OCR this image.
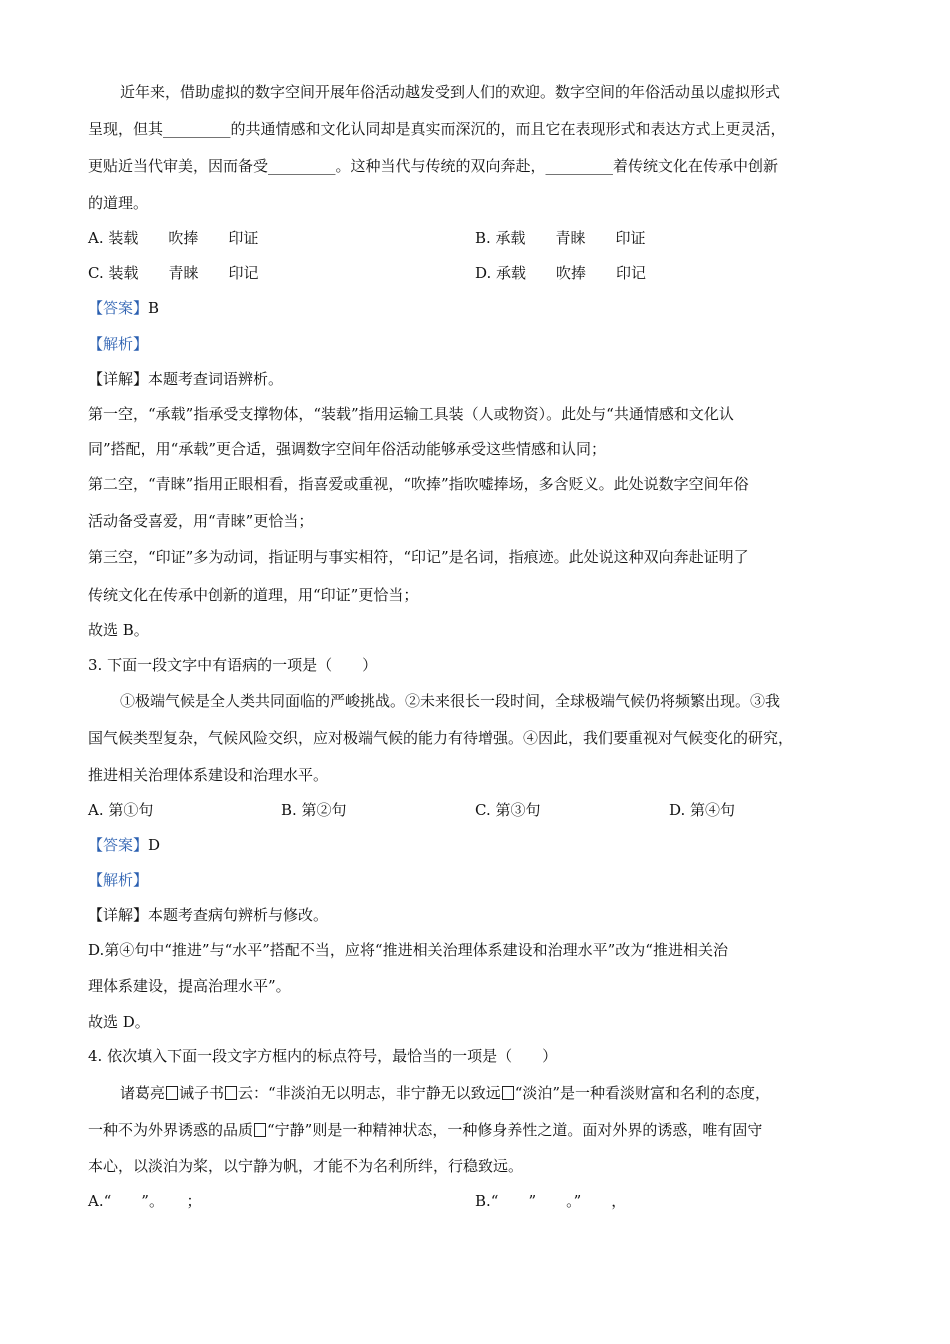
近年来，借助虚拟的数字空间开展年俗活动越发受到人们的欢迎。数字空间的年俗活动虽以虚拟形式
呈现，但其_________的共通情感和文化认同却是真实而深沉的，而且它在表现形式和表达方式上更灵活，
更贴近当代审美，因而备受_________。这种当代与传统的双向奔赴，_________着传统文化在传承中创新
的道理。
A. 装载　　吹捧　　印证	B. 承载　　青睐　　印证
C. 装载　　青睐　　印记	D. 承载　　吹捧　　印记
【答案】B
【解析】
【详解】本题考查词语辨析。
第一空，“承载”指承受支撑物体，“装载”指用运输工具装（人或物资）。此处与“共通情感和文化认
同”搭配，用“承载”更合适，强调数字空间年俗活动能够承受这些情感和认同；
第二空，“青睐”指用正眼相看，指喜爱或重视，“吹捧”指吹嘘捧场，多含贬义。此处说数字空间年俗
活动备受喜爱，用“青睐”更恰当；
第三空，“印证”多为动词，指证明与事实相符，“印记”是名词，指痕迹。此处说这种双向奔赴证明了
传统文化在传承中创新的道理，用“印证”更恰当；
故选 B。
3. 下面一段文字中有语病的一项是（　　）
①极端气候是全人类共同面临的严峻挑战。②未来很长一段时间，全球极端气候仍将频繁出现。③我
国气候类型复杂，气候风险交织，应对极端气候的能力有待增强。④因此，我们要重视对气候变化的研究，
推进相关治理体系建设和治理水平。
A. 第①句	B. 第②句	C. 第③句	D. 第④句
【答案】D
【解析】
【详解】本题考查病句辨析与修改。
D.第④句中“推进”与“水平”搭配不当，应将“推进相关治理体系建设和治理水平”改为“推进相关治
理体系建设，提高治理水平”。
故选 D。
4. 依次填入下面一段文字方框内的标点符号，最恰当的一项是（　　）
诸葛亮 诫子书 云：“非淡泊无以明志，非宁静无以致远 “淡泊”是一种看淡财富和名利的态度，
一种不为外界诱惑的品质 “宁静”则是一种精神状态，一种修身养性之道。面对外界的诱惑，唯有固守
本心，以淡泊为桨，以宁静为帆，才能不为名利所绊，行稳致远。
A.“　　”。　　；	B.“　　”　　。”　　，
